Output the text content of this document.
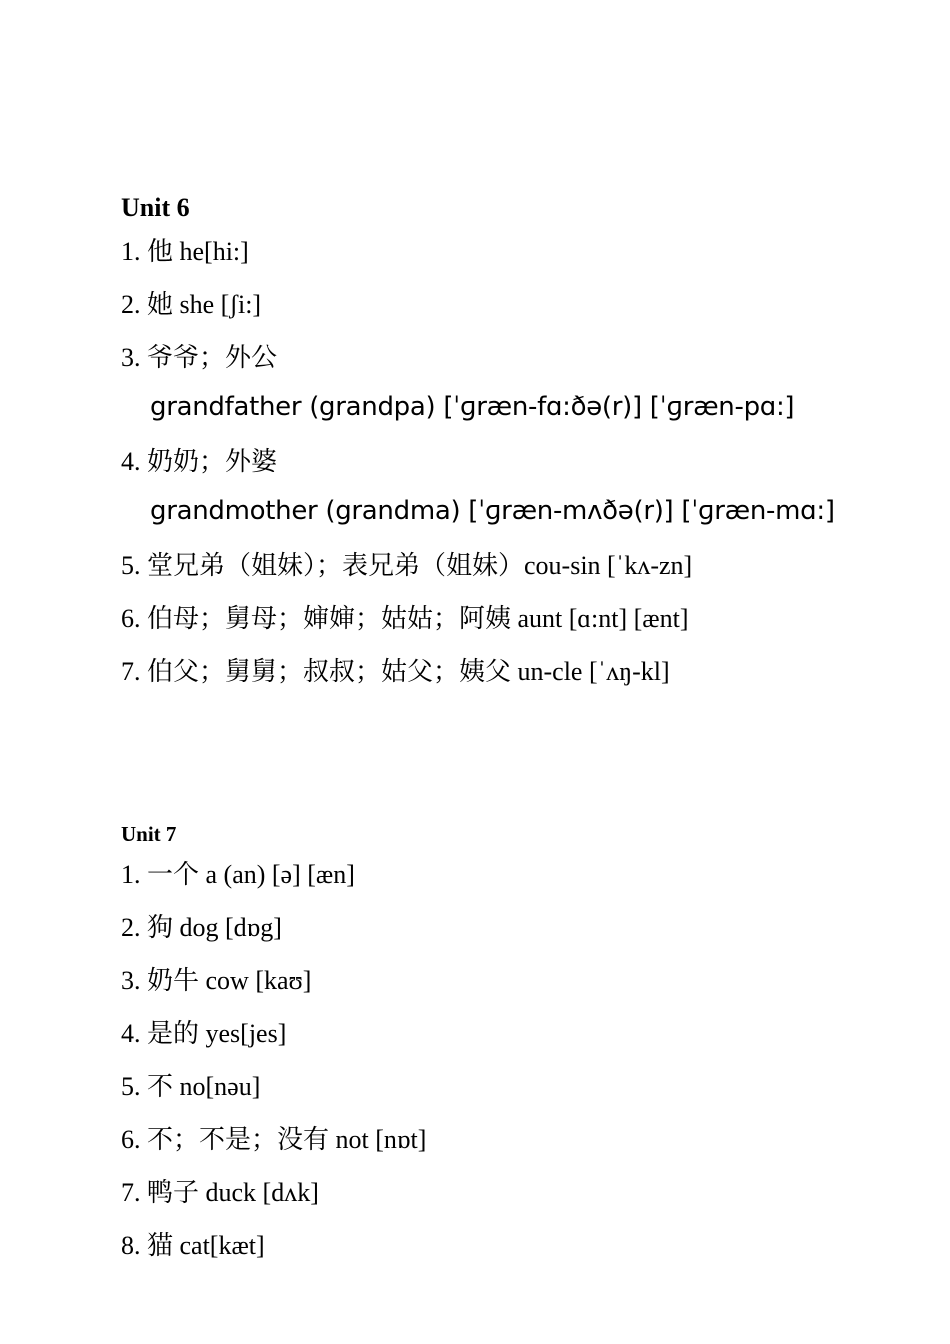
Unit 6
1. 他 he[hi:]
2. 她 she [ʃi:]
3. 爷爷；外公
grandfather (grandpa) [ˈɡræn-fɑ:ðə(r)] [ˈɡræn-pɑ:]
4. 奶奶；外婆
grandmother (grandma) [ˈɡræn-mʌðə(r)] [ˈɡræn-mɑ:]
5. 堂兄弟（姐妹）；表兄弟（姐妹）cou-sin [ˈkʌ-zn]
6. 伯母；舅母；婶婶；姑姑；阿姨 aunt [ɑ:nt] [ænt]
7. 伯父；舅舅；叔叔；姑父；姨父 un-cle [ˈʌŋ-kl]
Unit 7
1. 一个 a (an) [ə] [æn]
2. 狗 dog [dɒg]
3. 奶牛 cow [kaʊ]
4. 是的 yes[jes]
5. 不 no[nəu]
6. 不；不是；没有 not [nɒt]
7. 鸭子 duck [dʌk]
8. 猫 cat[kæt]
